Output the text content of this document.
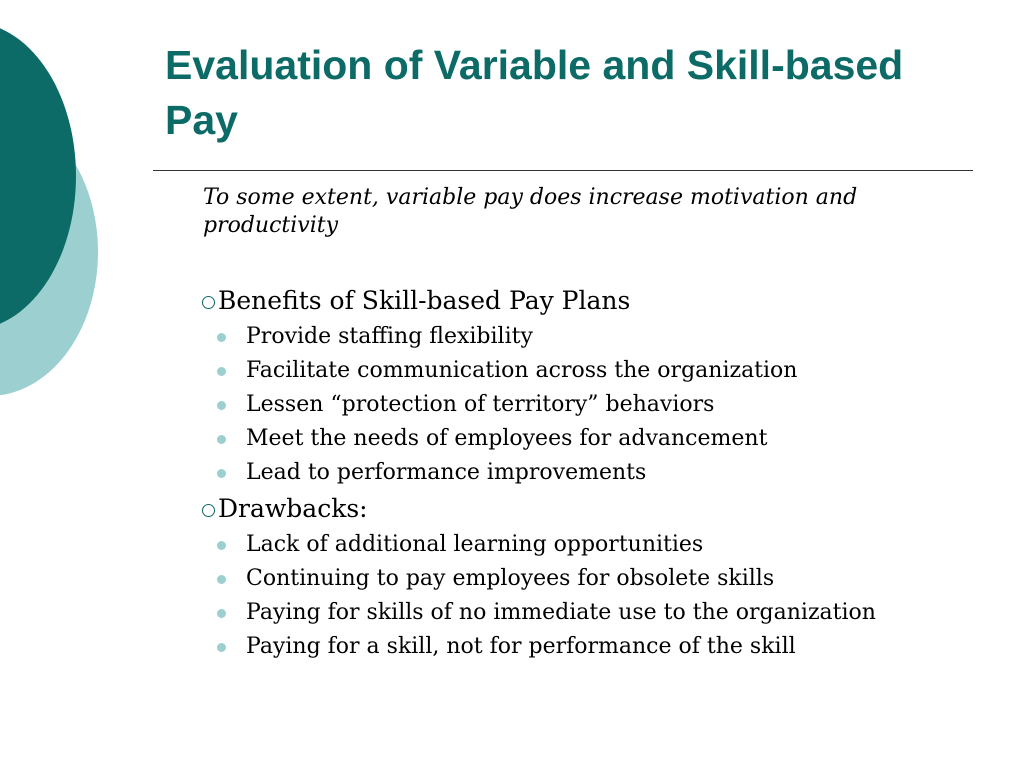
Evaluation of Variable and Skill-based Pay

To some extent, variable pay does increase motivation and productivity

Benefits of Skill-based Pay Plans
Provide staffing flexibility
Facilitate communication across the organization
Lessen “protection of territory” behaviors
Meet the needs of employees for advancement
Lead to performance improvements
Drawbacks:
Lack of additional learning opportunities
Continuing to pay employees for obsolete skills
Paying for skills of no immediate use to the organization
Paying for a skill, not for performance of the skill
